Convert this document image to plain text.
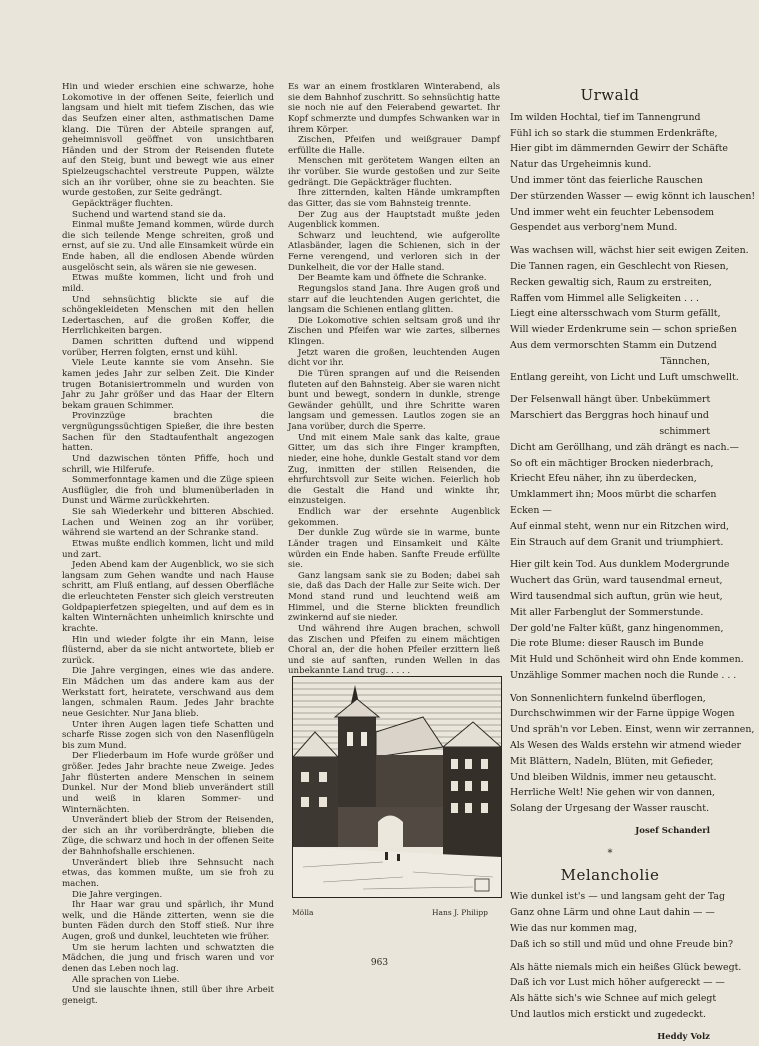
Hin und wieder erschien eine schwarze, hohe Lokomotive in der offenen Seite, feierlich und langsam und hielt mit tiefem Zischen, das wie das Seufzen einer alten, asthmatischen Dame klang. Die Türen der Abteile sprangen auf, geheimnisvoll geöffnet von unsichtbaren Händen und der Strom der Reisenden flutete auf den Steig, bunt und bewegt wie aus einer Spielzeugschachtel verstreute Puppen, wälzte sich an ihr vorüber, ohne sie zu beachten. Sie wurde gestoßen, zur Seite gedrängt.

Gepäckträger fluchten.

Suchend und wartend stand sie da.

Einmal mußte Jemand kommen, würde durch die sich teilende Menge schreiten, groß und ernst, auf sie zu. Und alle Einsamkeit würde ein Ende haben, all die endlosen Abende würden ausgelöscht sein, als wären sie nie gewesen.

Etwas mußte kommen, licht und froh und mild.

Und sehnsüchtig blickte sie auf die schöngekleideten Menschen mit den hellen Ledertaschen, auf die großen Koffer, die Herrlichkeiten bargen.

Damen schritten duftend und wippend vorüber, Herren folgten, ernst und kühl.

Viele Leute kannte sie vom Ansehn. Sie kamen jedes Jahr zur selben Zeit. Die Kinder trugen Botanisiertrommeln und wurden von Jahr zu Jahr größer und das Haar der Eltern bekam grauen Schimmer.

Provinzzüge brachten die vergnügungssüchtigen Spießer, die ihre besten Sachen für den Stadtaufenthalt angezogen hatten.

Und dazwischen tönten Pfiffe, hoch und schrill, wie Hilferufe.

Sommerfonntage kamen und die Züge spieen Ausflügler, die froh und blumenüberladen in Dunst und Wärme zurückkehrten.

Sie sah Wiederkehr und bitteren Abschied. Lachen und Weinen zog an ihr vorüber, während sie wartend an der Schranke stand.

Etwas mußte endlich kommen, licht und mild und zart.

Jeden Abend kam der Augenblick, wo sie sich langsam zum Gehen wandte und nach Hause schritt, am Fluß entlang, auf dessen Oberfläche die erleuchteten Fenster sich gleich verstreuten Goldpapierfetzen spiegelten, und auf dem es in kalten Winternächten unheimlich knirschte und krachte.

Hin und wieder folgte ihr ein Mann, leise flüsternd, aber da sie nicht antwortete, blieb er zurück.

Die Jahre vergingen, eines wie das andere. Ein Mädchen um das andere kam aus der Werkstatt fort, heiratete, verschwand aus dem langen, schmalen Raum. Jedes Jahr brachte neue Gesichter. Nur Jana blieb.

Unter ihren Augen lagen tiefe Schatten und scharfe Risse zogen sich von den Nasenflügeln bis zum Mund.

Der Fliederbaum im Hofe wurde größer und größer. Jedes Jahr brachte neue Zweige. Jedes Jahr flüsterten andere Menschen in seinem Dunkel. Nur der Mond blieb unverändert still und weiß in klaren Sommer- und Winternächten.

Unverändert blieb der Strom der Reisenden, der sich an ihr vorüberdrängte, blieben die Züge, die schwarz und hoch in der offenen Seite der Bahnhofshalle erschienen.

Unverändert blieb ihre Sehnsucht nach etwas, das kommen mußte, um sie froh zu machen.

Die Jahre vergingen.

Ihr Haar war grau und spärlich, ihr Mund welk, und die Hände zitterten, wenn sie die bunten Fäden durch den Stoff stieß. Nur ihre Augen, groß und dunkel, leuchteten wie früher.

Um sie herum lachten und schwatzten die Mädchen, die jung und frisch waren und vor denen das Leben noch lag.

Alle sprachen von Liebe.

Und sie lauschte ihnen, still über ihre Arbeit geneigt.

Es war an einem frostklaren Winterabend, als sie dem Bahnhof zuschritt. So sehnsüchtig hatte sie noch nie auf den Feierabend gewartet. Ihr Kopf schmerzte und dumpfes Schwanken war in ihrem Körper.

Zischen, Pfeifen und weißgrauer Dampf erfüllte die Halle.

Menschen mit gerötetem Wangen eilten an ihr vorüber. Sie wurde gestoßen und zur Seite gedrängt. Die Gepäckträger fluchten.

Ihre zitternden, kalten Hände umkrampften das Gitter, das sie vom Bahnsteig trennte.

Der Zug aus der Hauptstadt mußte jeden Augenblick kommen.

Schwarz und leuchtend, wie aufgerollte Atlasbänder, lagen die Schienen, sich in der Ferne verengend, und verloren sich in der Dunkelheit, die vor der Halle stand.

Der Beamte kam und öffnete die Schranke.

Regungslos stand Jana. Ihre Augen groß und starr auf die leuchtenden Augen gerichtet, die langsam die Schienen entlang glitten.

Die Lokomotive schien seltsam groß und ihr Zischen und Pfeifen war wie zartes, silbernes Klingen.

Jetzt waren die großen, leuchtenden Augen dicht vor ihr.

Die Türen sprangen auf und die Reisenden fluteten auf den Bahnsteig. Aber sie waren nicht bunt und bewegt, sondern in dunkle, strenge Gewänder gehüllt, und ihre Schritte waren langsam und gemessen. Lautlos zogen sie an Jana vorüber, durch die Sperre.

Und mit einem Male sank das kalte, graue Gitter, um das sich ihre Finger krampften, nieder, eine hohe, dunkle Gestalt stand vor dem Zug, inmitten der stillen Reisenden, die ehrfurchtsvoll zur Seite wichen. Feierlich hob die Gestalt die Hand und winkte ihr, einzusteigen.

Endlich war der ersehnte Augenblick gekommen.

Der dunkle Zug würde sie in warme, bunte Länder tragen und Einsamkeit und Kälte würden ein Ende haben. Sanfte Freude erfüllte sie.

Ganz langsam sank sie zu Boden; dabei sah sie, daß das Dach der Halle zur Seite wich. Der Mond stand rund und leuchtend weiß am Himmel, und die Sterne blickten freundlich zwinkernd auf sie nieder.

Und während ihre Augen brachen, schwoll das Zischen und Pfeifen zu einem mächtigen Choral an, der die hohen Pfeiler erzittern ließ und sie auf sanften, runden Wellen in das unbekannte Land trug. . . . .

Mölla	Hans J. Philipp
Urwald
Im wilden Hochtal, tief im Tannengrund
Fühl ich so stark die stummen Erdenkräfte,
Hier gibt im dämmernden Gewirr der Schäfte
Natur das Urgeheimnis kund.
Und immer tönt das feierliche Rauschen
Der stürzenden Wasser — ewig könnt ich lauschen!
Und immer weht ein feuchter Lebensodem
Gespendet aus verborg'nem Mund.
Was wachsen will, wächst hier seit ewigen Zeiten.
Die Tannen ragen, ein Geschlecht von Riesen,
Recken gewaltig sich, Raum zu erstreiten,
Raffen vom Himmel alle Seligkeiten . . .
Liegt eine altersschwach vom Sturm gefällt,
Will wieder Erdenkrume sein — schon sprießen
Aus dem vermorschten Stamm ein Dutzend
Tännchen,
Entlang gereiht, von Licht und Luft umschwellt.
Der Felsenwall hängt über. Unbekümmert
Marschiert das Berggras hoch hinauf und
schimmert
Dicht am Geröllhang, und zäh drängt es nach.—
So oft ein mächtiger Brocken niederbrach,
Kriecht Efeu näher, ihn zu überdecken,
Umklammert ihn; Moos mürbt die scharfen
Ecken —
Auf einmal steht, wenn nur ein Ritzchen wird,
Ein Strauch auf dem Granit und triumphiert.
Hier gilt kein Tod. Aus dunklem Modergrunde
Wuchert das Grün, ward tausendmal erneut,
Wird tausendmal sich auftun, grün wie heut,
Mit aller Farbenglut der Sommerstunde.
Der gold'ne Falter küßt, ganz hingenommen,
Die rote Blume: dieser Rausch im Bunde
Mit Huld und Schönheit wird ohn Ende kommen.
Unzählige Sommer machen noch die Runde . . .
Von Sonnenlichtern funkelnd überflogen,
Durchschwimmen wir der Farne üppige Wogen
Und spräh'n vor Leben. Einst, wenn wir zerrannen,
Als Wesen des Walds erstehn wir atmend wieder
Mit Blättern, Nadeln, Blüten, mit Gefieder,
Und bleiben Wildnis, immer neu getauscht.
Herrliche Welt! Nie gehen wir von dannen,
Solang der Urgesang der Wasser rauscht.
Josef Schanderl
*
Melancholie
Wie dunkel ist's — und langsam geht der Tag
Ganz ohne Lärm und ohne Laut dahin — —
Wie das nur kommen mag,
Daß ich so still und müd und ohne Freude bin?
Als hätte niemals mich ein heißes Glück bewegt.
Daß ich vor Lust mich höher aufgereckt — —
Als hätte sich's wie Schnee auf mich gelegt
Und lautlos mich erstickt und zugedeckt.
Heddy Volz
963
